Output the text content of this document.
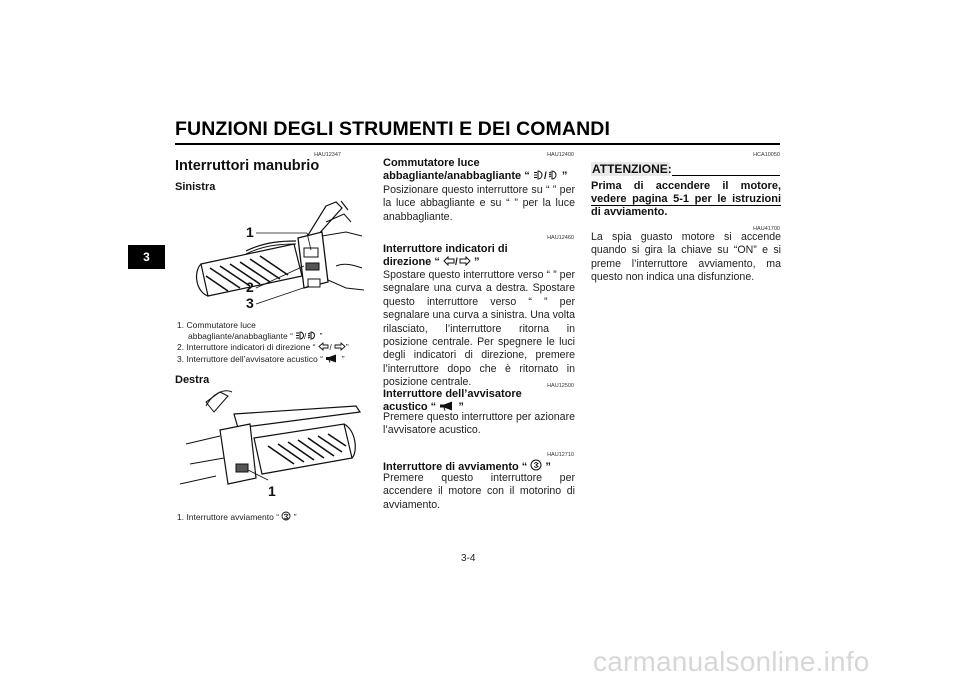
FUNZIONI DEGLI STRUMENTI E DEI COMANDI
3
HAU12347
Interruttori manubrio
Sinistra
1
2
3
1. Commutatore luce
abbagliante/anabbagliante “ / ”
2. Interruttore indicatori di direzione “ / ”
3. Interruttore dell’avvisatore acustico “ ”
Destra
1
1. Interruttore avviamento “ ”
HAU12400
Commutatore luce
abbagliante/anabbagliante “ / ”
Posizionare questo interruttore su “ ” per la luce abbagliante e su “ ” per la luce anabbagliante.
HAU12460
Interruttore indicatori di
direzione “ / ”
Spostare questo interruttore verso “ ” per segnalare una curva a destra. Spostare questo interruttore verso “ ” per segnalare una curva a sinistra. Una volta rilasciato, l’interruttore ritorna in posizione centrale. Per spegnere le luci degli indicatori di direzione, premere l’interruttore dopo che è ritornato in posizione centrale.	HAU12500
Interruttore dell’avvisatore
acustico “ ”
Premere questo interruttore per azionare l’avvisatore acustico.
HAU12710
Interruttore di avviamento “ ”
Premere questo interruttore per accendere il motore con il motorino di avviamento.
HCA10050
ATTENZIONE:
Prima di accendere il motore, vedere pagina 5-1 per le istruzioni di avviamento.
HAU41700
La spia guasto motore si accende quando si gira la chiave su “ON” e si preme l’interruttore avviamento, ma questo non indica una disfunzione.
3-4
carmanualsonline.info
